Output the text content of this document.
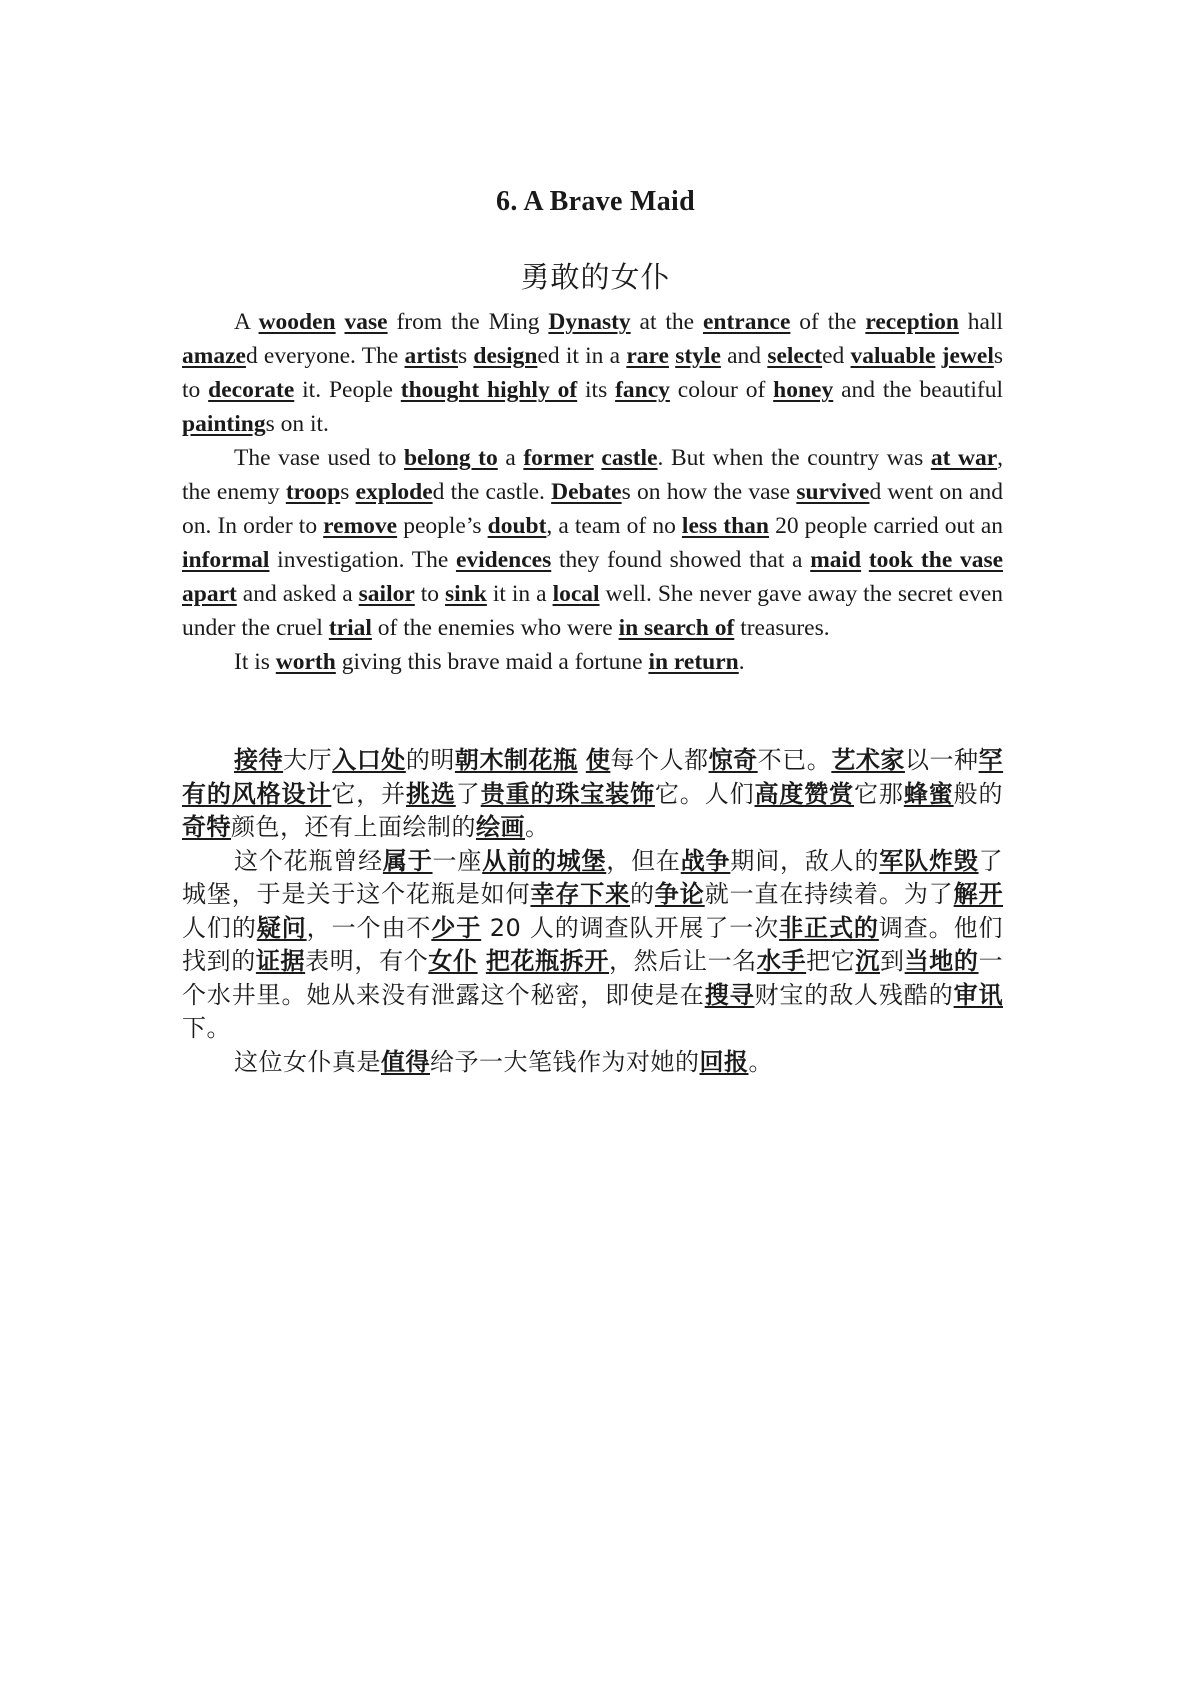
6. A Brave Maid
勇敢的女仆

A wooden vase from the Ming Dynasty at the entrance of the reception hall amazed everyone. The artists designed it in a rare style and selected valuable jewels to decorate it. People thought highly of its fancy colour of honey and the beautiful paintings on it.

The vase used to belong to a former castle. But when the country was at war, the enemy troops exploded the castle. Debates on how the vase survived went on and on. In order to remove people’s doubt, a team of no less than 20 people carried out an informal investigation. The evidences they found showed that a maid took the vase apart and asked a sailor to sink it in a local well. She never gave away the secret even under the cruel trial of the enemies who were in search of treasures.

It is worth giving this brave maid a fortune in return.

接待大厅入口处的明朝木制花瓶 使每个人都惊奇不已。艺术家以一种罕有的风格设计它，并挑选了贵重的珠宝装饰它。人们高度赞赏它那蜂蜜般的奇特颜色，还有上面绘制的绘画。

这个花瓶曾经属于一座从前的城堡，但在战争期间，敌人的军队炸毁了城堡，于是关于这个花瓶是如何幸存下来的争论就一直在持续着。为了解开人们的疑问，一个由不少于 20 人的调查队开展了一次非正式的调查。他们找到的证据表明，有个女仆 把花瓶拆开，然后让一名水手把它沉到当地的一个水井里。她从来没有泄露这个秘密，即使是在搜寻财宝的敌人残酷的审讯下。

这位女仆真是值得给予一大笔钱作为对她的回报。
